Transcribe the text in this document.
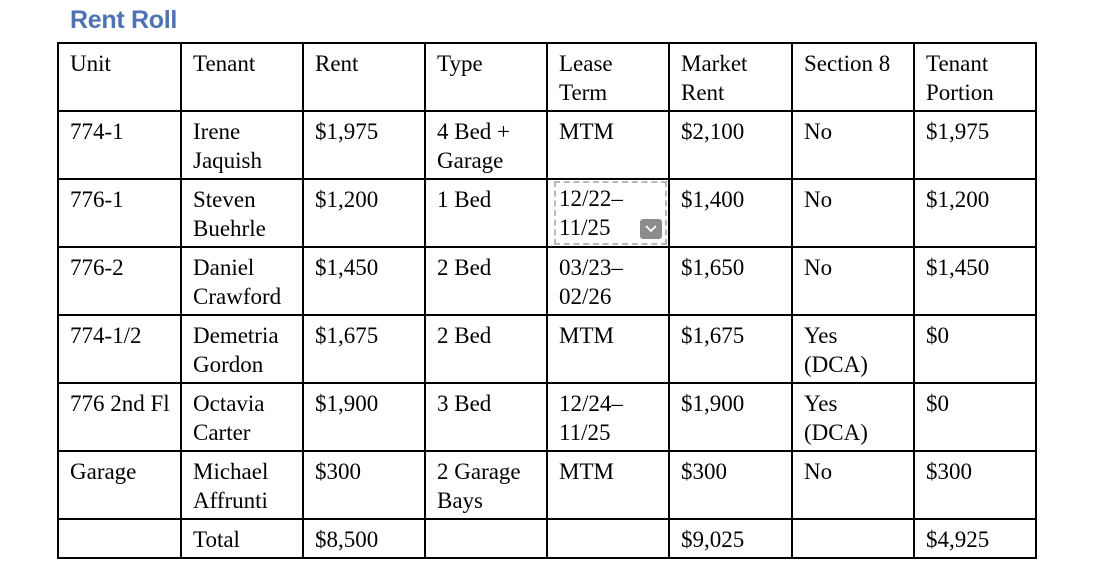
Rent Roll
Unit	Tenant	Rent	Type	Lease Term	Market Rent	Section 8	Tenant Portion
774-1	Irene Jaquish	$1,975	4 Bed + Garage	MTM	$2,100	No	$1,975
776-1	Steven Buehrle	$1,200	1 Bed	12/22–11/25	$1,400	No	$1,200
776-2	Daniel Crawford	$1,450	2 Bed	03/23–02/26	$1,650	No	$1,450
774-1/2	Demetria Gordon	$1,675	2 Bed	MTM	$1,675	Yes (DCA)	$0
776 2nd Fl	Octavia Carter	$1,900	3 Bed	12/24–11/25	$1,900	Yes (DCA)	$0
Garage	Michael Affrunti	$300	2 Garage Bays	MTM	$300	No	$300
	Total	$8,500			$9,025		$4,925
